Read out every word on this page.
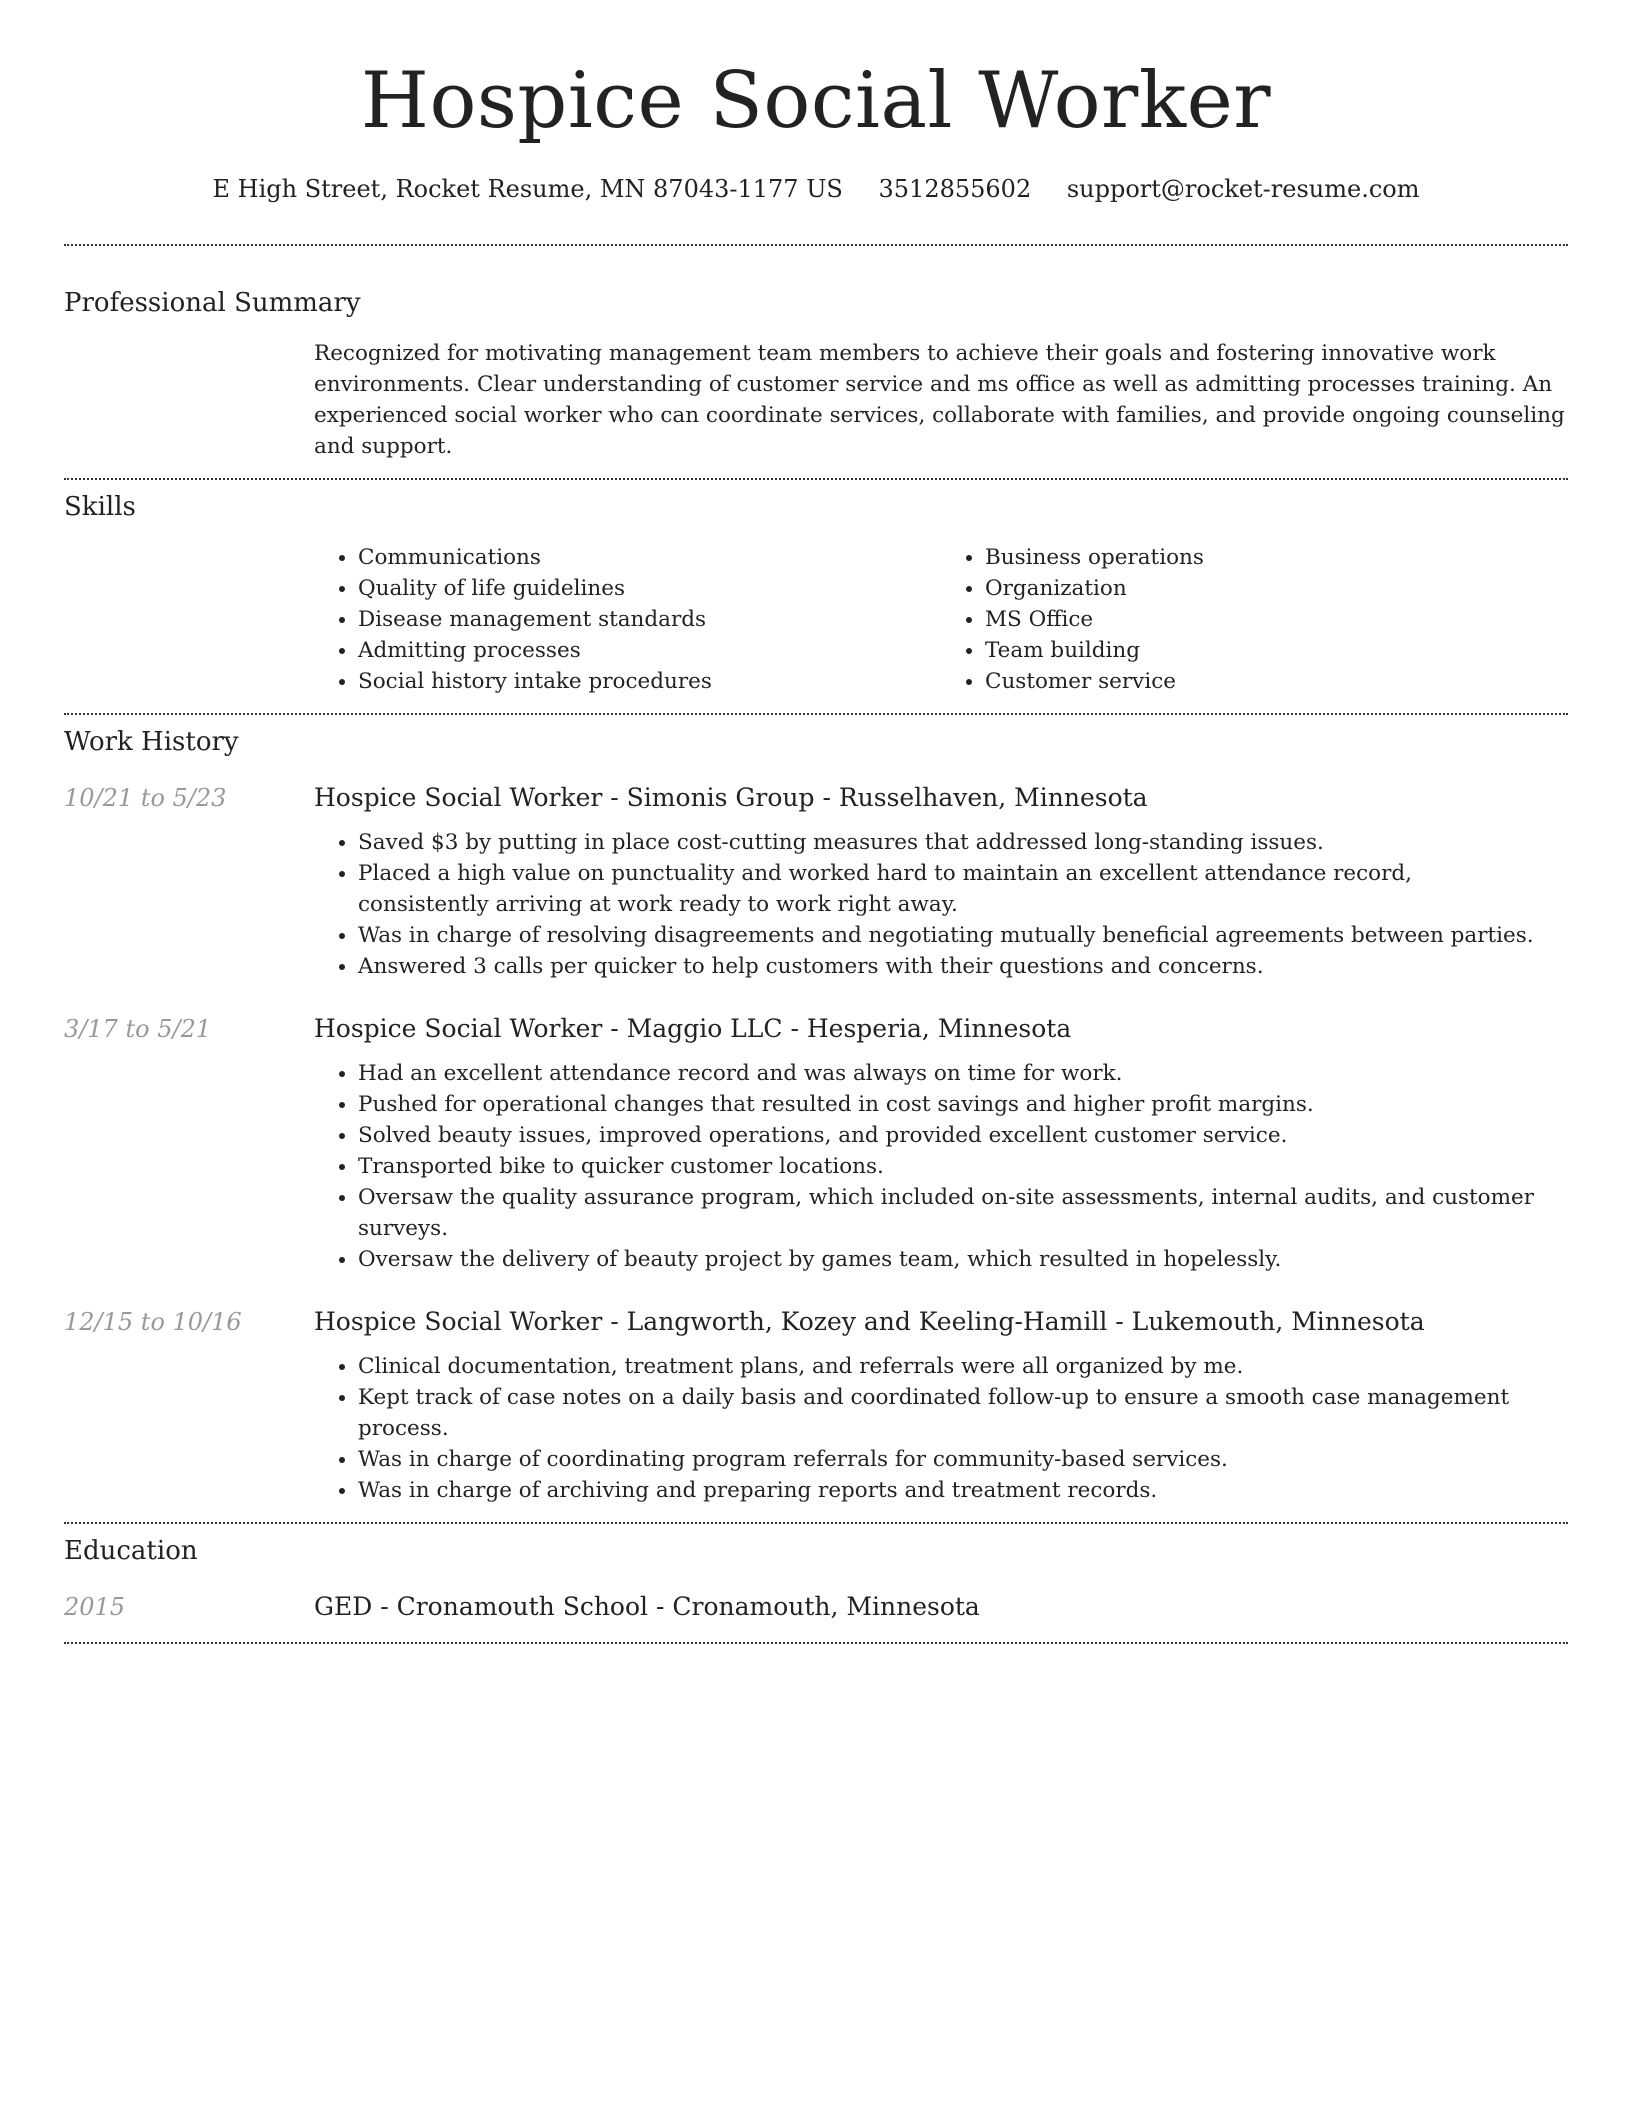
Hospice Social Worker
E High Street, Rocket Resume, MN 87043-1177 US 3512855602 support@rocket-resume.com
Professional Summary

Recognized for motivating management team members to achieve their goals and fostering innovative work environments. Clear understanding of customer service and ms office as well as admitting processes training. An experienced social worker who can coordinate services, collaborate with families, and provide ongoing counseling and support.

Skills
• Communications
• Quality of life guidelines
• Disease management standards
• Admitting processes
• Social history intake procedures
• Business operations
• Organization
• MS Office
• Team building
• Customer service
Work History
10/21 to 5/23	Hospice Social Worker - Simonis Group - Russelhaven, Minnesota
• Saved $3 by putting in place cost-cutting measures that addressed long-standing issues.
• Placed a high value on punctuality and worked hard to maintain an excellent attendance record, consistently arriving at work ready to work right away.
• Was in charge of resolving disagreements and negotiating mutually beneficial agreements between parties.
• Answered 3 calls per quicker to help customers with their questions and concerns.
3/17 to 5/21	Hospice Social Worker - Maggio LLC - Hesperia, Minnesota
• Had an excellent attendance record and was always on time for work.
• Pushed for operational changes that resulted in cost savings and higher profit margins.
• Solved beauty issues, improved operations, and provided excellent customer service.
• Transported bike to quicker customer locations.
• Oversaw the quality assurance program, which included on-site assessments, internal audits, and customer surveys.
• Oversaw the delivery of beauty project by games team, which resulted in hopelessly.
12/15 to 10/16	Hospice Social Worker - Langworth, Kozey and Keeling-Hamill - Lukemouth, Minnesota
• Clinical documentation, treatment plans, and referrals were all organized by me.
• Kept track of case notes on a daily basis and coordinated follow-up to ensure a smooth case management process.
• Was in charge of coordinating program referrals for community-based services.
• Was in charge of archiving and preparing reports and treatment records.
Education
2015	GED - Cronamouth School - Cronamouth, Minnesota
